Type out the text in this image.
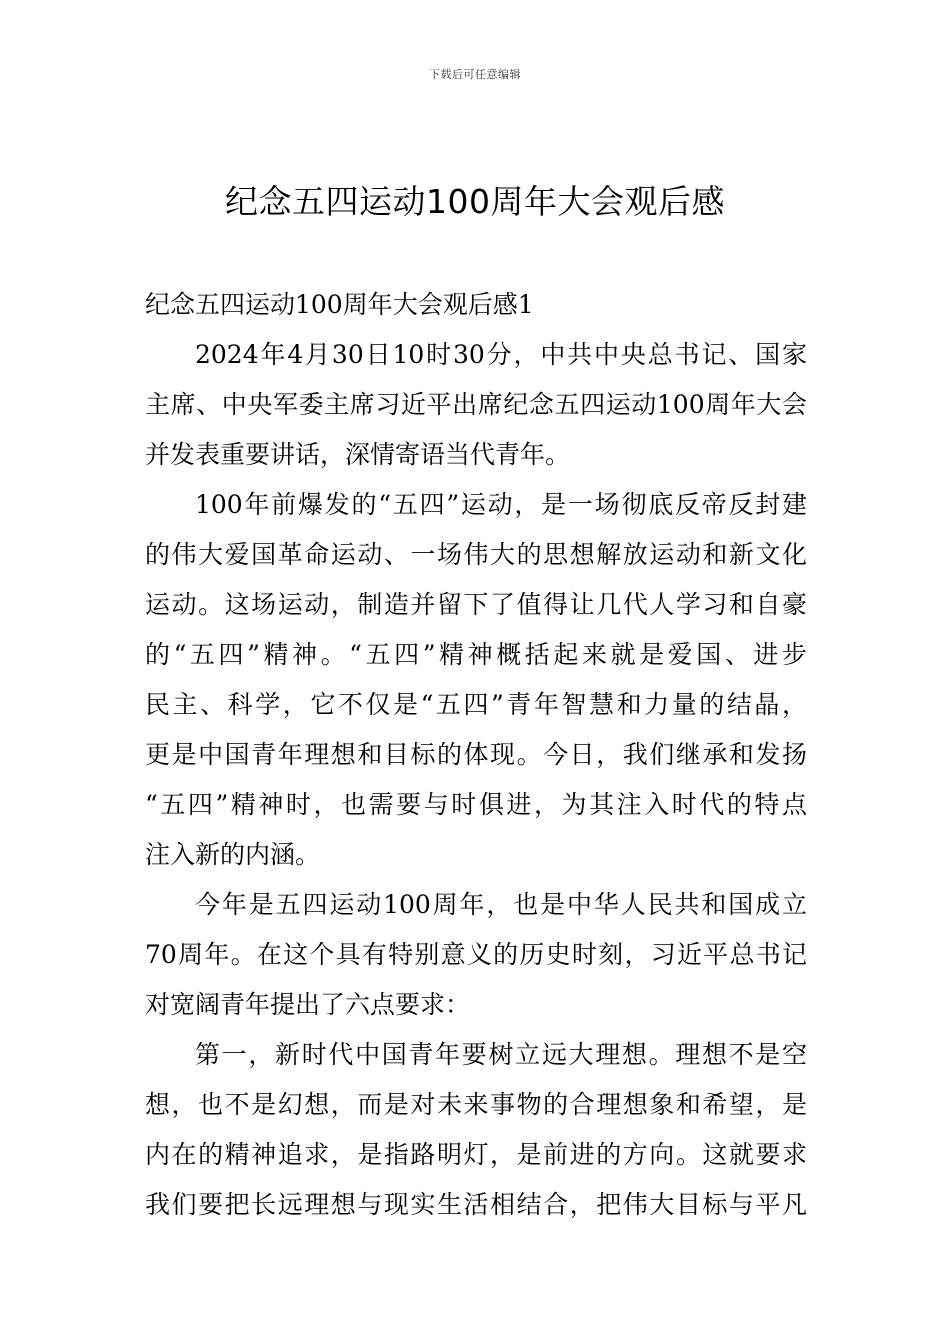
下载后可任意编辑
纪念五四运动100周年大会观后感
纪念五四运动100周年大会观后感1
2024年4月30日10时30分，中共中央总书记、国家
主席、中央军委主席习近平出席纪念五四运动100周年大会
并发表重要讲话，深情寄语当代青年。
100年前爆发的“五四”运动，是一场彻底反帝反封建
的伟大爱国革命运动、一场伟大的思想解放运动和新文化
运动。这场运动，制造并留下了值得让几代人学习和自豪
的“五四”精神。“五四”精神概括起来就是爱国、进步
民主、科学，它不仅是“五四”青年智慧和力量的结晶，
更是中国青年理想和目标的体现。今日，我们继承和发扬
“五四”精神时，也需要与时俱进，为其注入时代的特点
注入新的内涵。
今年是五四运动100周年，也是中华人民共和国成立
70周年。在这个具有特别意义的历史时刻，习近平总书记
对宽阔青年提出了六点要求：
第一，新时代中国青年要树立远大理想。理想不是空
想，也不是幻想，而是对未来事物的合理想象和希望，是
内在的精神追求，是指路明灯，是前进的方向。这就要求
我们要把长远理想与现实生活相结合，把伟大目标与平凡
